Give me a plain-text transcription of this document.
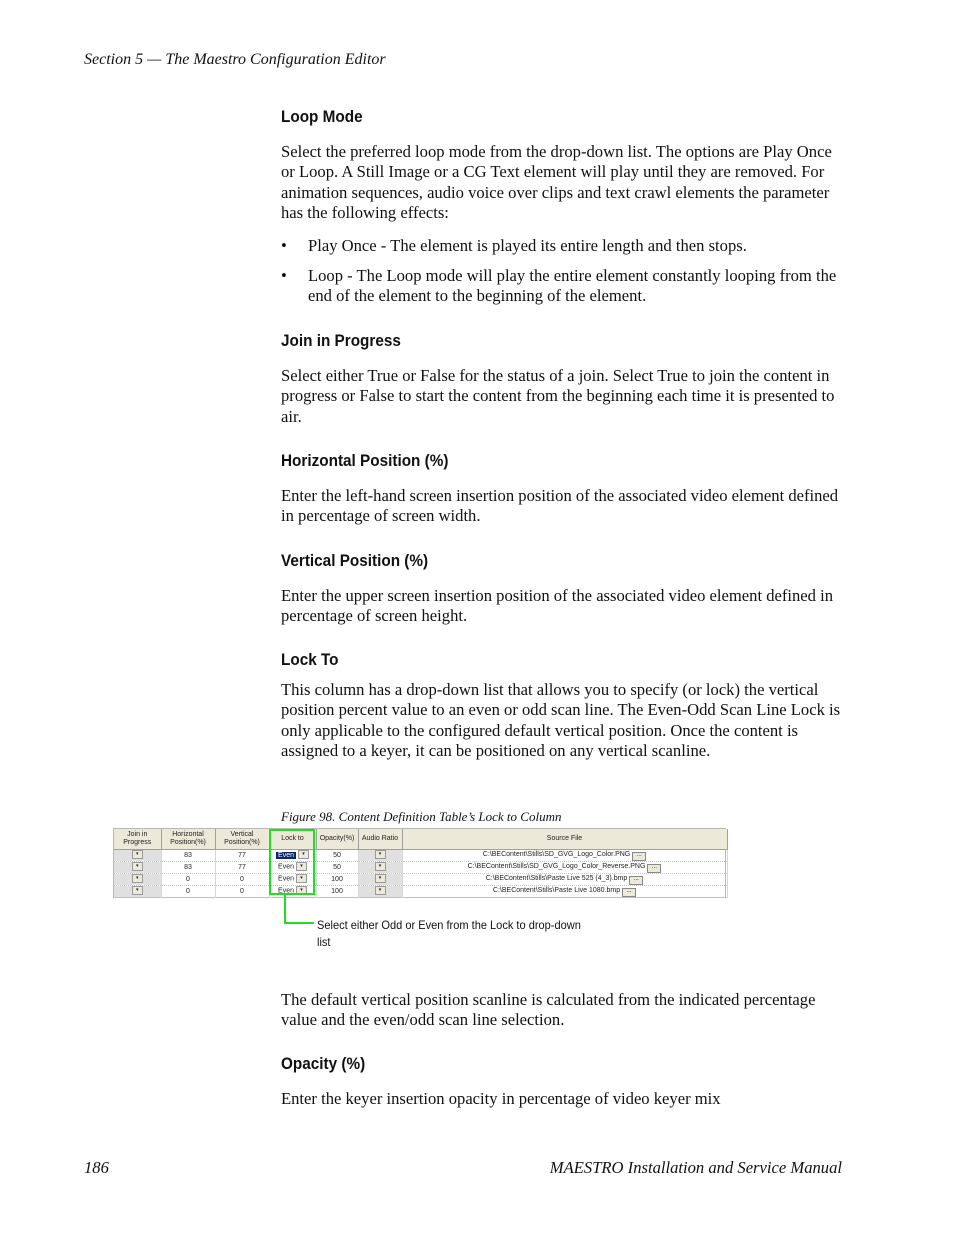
Section 5 — The Maestro Configuration Editor
Loop Mode
Select the preferred loop mode from the drop-down list. The options are Play Once or Loop. A Still Image or a CG Text element will play until they are removed. For animation sequences, audio voice over clips and text crawl elements the parameter has the following effects:
• Play Once - The element is played its entire length and then stops.
• Loop - The Loop mode will play the entire element constantly looping from the end of the element to the beginning of the element.
Join in Progress
Select either True or False for the status of a join. Select True to join the content in progress or False to start the content from the beginning each time it is presented to air.
Horizontal Position (%)
Enter the left-hand screen insertion position of the associated video element defined in percentage of screen width.
Vertical Position (%)
Enter the upper screen insertion position of the associated video element defined in percentage of screen height.
Lock To
This column has a drop-down list that allows you to specify (or lock) the vertical position percent value to an even or odd scan line. The Even-Odd Scan Line Lock is only applicable to the configured default vertical position. Once the content is assigned to a keyer, it can be positioned on any vertical scanline.
Figure 98. Content Definition Table’s Lock to Column
Join in Progress	Horizontal Position(%)	Vertical Position(%)	Lock to	Opacity(%)	Audio Ratio	Source File
▾	83	77	Even ▾	50	▾	C:\BEContent\Stills\SD_GVG_Logo_Color.PNG ...
▾	83	77	Even ▾	50	▾	C:\BEContent\Stills\SD_GVG_Logo_Color_Reverse.PNG ...
▾	0	0	Even ▾	100	▾	C:\BEContent\Stills\Paste Live 525 (4_3).bmp ...
▾	0	0	Even ▾	100	▾	C:\BEContent\Stills\Paste Live 1080.bmp ...
Select either Odd or Even from the Lock to drop-down list
The default vertical position scanline is calculated from the indicated percentage value and the even/odd scan line selection.
Opacity (%)
Enter the keyer insertion opacity in percentage of video keyer mix
186	MAESTRO Installation and Service Manual
